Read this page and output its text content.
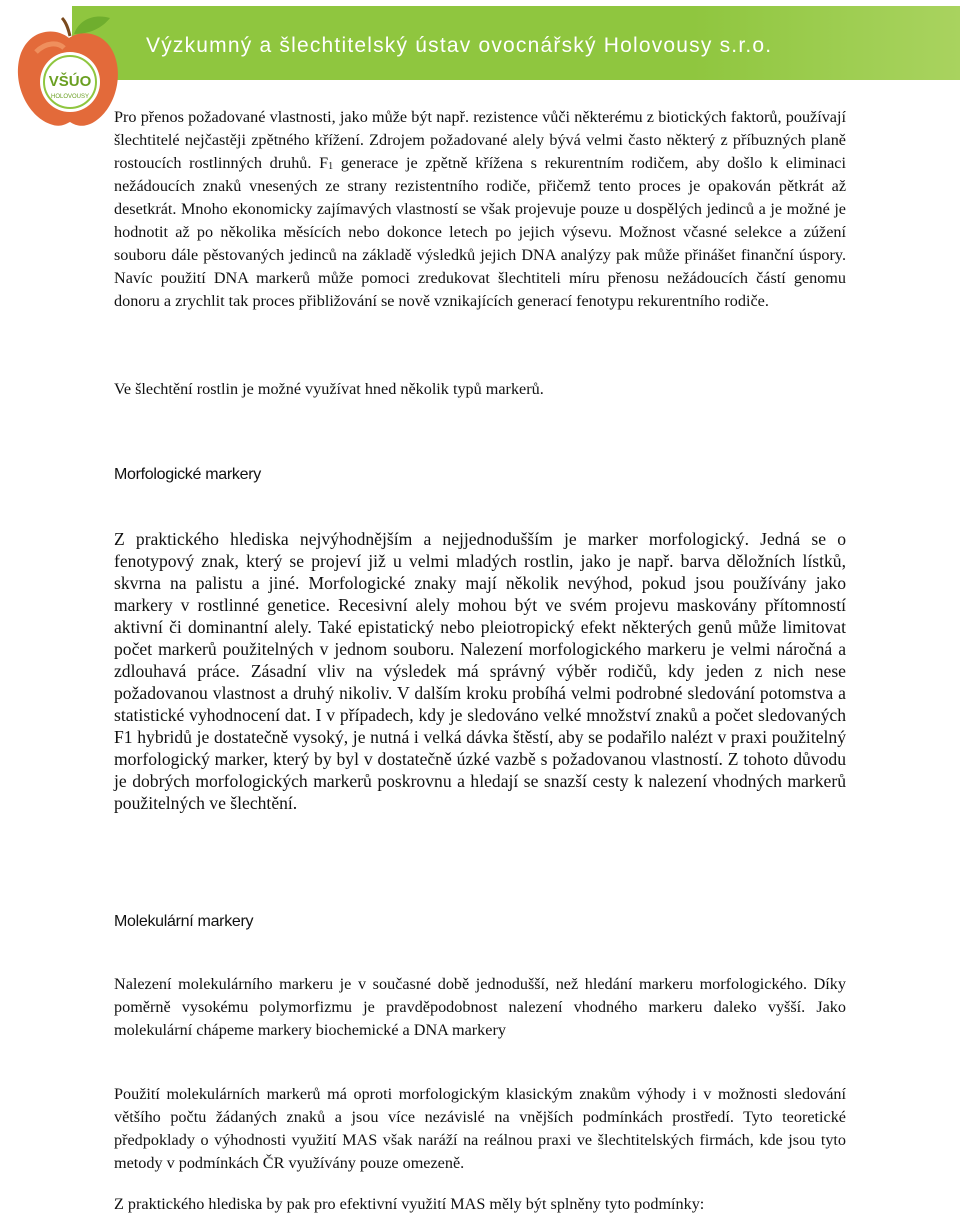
Výzkumný a šlechtitelský ústav ovocnářský Holovousy s.r.o.
VŠÚO
HOLOVOUSY

Pro přenos požadované vlastnosti, jako může být např. rezistence vůči některému z biotických faktorů, používají šlechtitelé nejčastěji zpětného křížení. Zdrojem požadované alely bývá velmi často některý z příbuzných planě rostoucích rostlinných druhů. $F_1$ generace je zpětně křížena s rekurentním rodičem, aby došlo k eliminaci nežádoucích znaků vnesených ze strany rezistentního rodiče, přičemž tento proces je opakován pětkrát až desetkrát. Mnoho ekonomicky zajímavých vlastností se však projevuje pouze u dospělých jedinců a je možné je hodnotit až po několika měsících nebo dokonce letech po jejich výsevu. Možnost včasné selekce a zúžení souboru dále pěstovaných jedinců na základě výsledků jejich DNA analýzy pak může přinášet finanční úspory. Navíc použití DNA markerů může pomoci zredukovat šlechtiteli míru přenosu nežádoucích částí genomu donoru a zrychlit tak proces přibližování se nově vznikajících generací fenotypu rekurentního rodiče.

Ve šlechtění rostlin je možné využívat hned několik typů markerů.

Morfologické markery

Z praktického hlediska nejvýhodnějším a nejjednodušším je marker morfologický. Jedná se o fenotypový znak, který se projeví již u velmi mladých rostlin, jako je např. barva děložních lístků, skvrna na palistu a jiné. Morfologické znaky mají několik nevýhod, pokud jsou používány jako markery v rostlinné genetice. Recesivní alely mohou být ve svém projevu maskovány přítomností aktivní či dominantní alely. Také epistatický nebo pleiotropický efekt některých genů může limitovat počet markerů použitelných v jednom souboru. Nalezení morfologického markeru je velmi náročná a zdlouhavá práce. Zásadní vliv na výsledek má správný výběr rodičů, kdy jeden z nich nese požadovanou vlastnost a druhý nikoliv. V dalším kroku probíhá velmi podrobné sledování potomstva a statistické vyhodnocení dat. I v případech, kdy je sledováno velké množství znaků a počet sledovaných F1 hybridů je dostatečně vysoký, je nutná i velká dávka štěstí, aby se podařilo nalézt v praxi použitelný morfologický marker, který by byl v dostatečně úzké vazbě s požadovanou vlastností. Z tohoto důvodu je dobrých morfologických markerů poskrovnu a hledají se snazší cesty k nalezení vhodných markerů použitelných ve šlechtění.

Molekulární markery

Nalezení molekulárního markeru je v současné době jednodušší, než hledání markeru morfologického. Díky poměrně vysokému polymorfizmu je pravděpodobnost nalezení vhodného markeru daleko vyšší. Jako molekulární chápeme markery biochemické a DNA markery

Použití molekulárních markerů má oproti morfologickým klasickým znakům výhody i v možnosti sledování většího počtu žádaných znaků a jsou více nezávislé na vnějších podmínkách prostředí. Tyto teoretické předpoklady o výhodnosti využití MAS však naráží na reálnou praxi ve šlechtitelských firmách, kde jsou tyto metody v podmínkách ČR využívány pouze omezeně.

Z praktického hlediska by pak pro efektivní využití MAS měly být splněny tyto podmínky:
